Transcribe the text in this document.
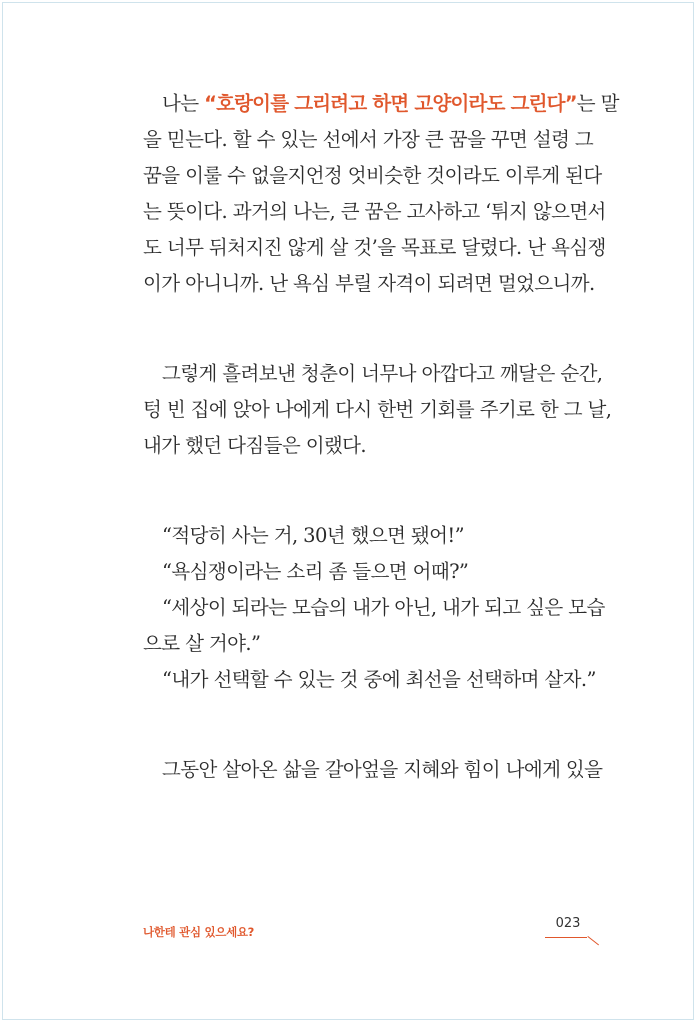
나는 “호랑이를 그리려고 하면 고양이라도 그린다”는 말
을 믿는다. 할 수 있는 선에서 가장 큰 꿈을 꾸면 설령 그
꿈을 이룰 수 없을지언정 엇비슷한 것이라도 이루게 된다
는 뜻이다. 과거의 나는, 큰 꿈은 고사하고 ‘튀지 않으면서
도 너무 뒤처지진 않게 살 것’을 목표로 달렸다. 난 욕심쟁
이가 아니니까. 난 욕심 부릴 자격이 되려면 멀었으니까.
그렇게 흘려보낸 청춘이 너무나 아깝다고 깨달은 순간,
텅 빈 집에 앉아 나에게 다시 한번 기회를 주기로 한 그 날,
내가 했던 다짐들은 이랬다.
“적당히 사는 거, 30년 했으면 됐어!”
“욕심쟁이라는 소리 좀 들으면 어때?”
“세상이 되라는 모습의 내가 아닌, 내가 되고 싶은 모습
으로 살 거야.”
“내가 선택할 수 있는 것 중에 최선을 선택하며 살자.”
그동안 살아온 삶을 갈아엎을 지혜와 힘이 나에게 있을
나한테 관심 있으세요?
023
